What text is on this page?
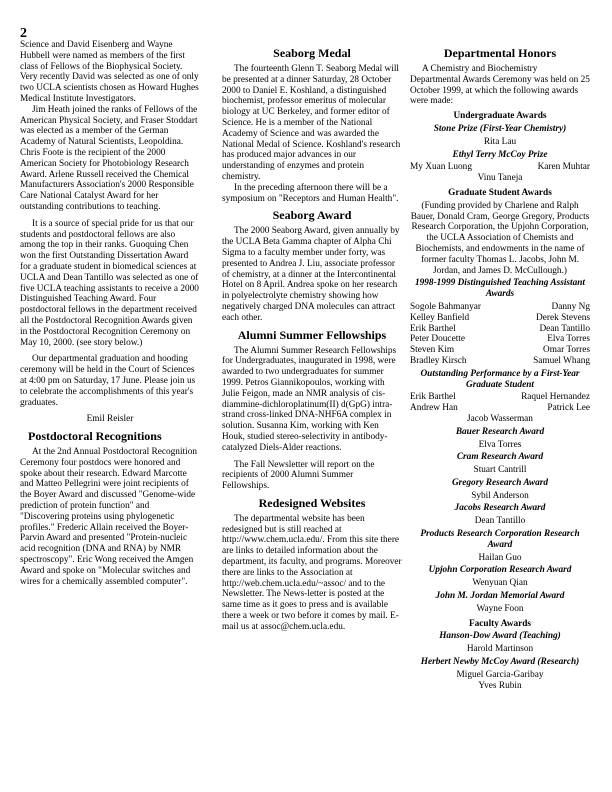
2

Science and David Eisenberg and Wayne Hubbell were named as members of the first class of Fellows of the Biophysical Society. Very recently David was selected as one of only two UCLA scientists chosen as Howard Hughes Medical Institute Investigators.

Jim Heath joined the ranks of Fellows of the American Physical Society, and Fraser Stoddart was elected as a member of the German Academy of Natural Scientists, Leopoldina. Chris Foote is the recipient of the 2000 American Society for Photobiology Research Award. Arlene Russell received the Chemical Manufacturers Association's 2000 Responsible Care National Catalyst Award for her outstanding contributions to teaching.

It is a source of special pride for us that our students and postdoctoral fellows are also among the top in their ranks. Guoquing Chen won the first Outstanding Dissertation Award for a graduate student in biomedical sciences at UCLA and Dean Tantillo was selected as one of five UCLA teaching assistants to receive a 2000 Distinguished Teaching Award. Four postdoctoral fellows in the department received all the Postdoctoral Recognition Awards given in the Postdoctoral Recognition Ceremony on May 10, 2000. (see story below.)

Our departmental graduation and hooding ceremony will be held in the Court of Sciences at 4:00 pm on Saturday, 17 June. Please join us to celebrate the accomplishments of this year's graduates.

Emil Reisler

Postdoctoral Recognitions

At the 2nd Annual Postdoctoral Recognition Ceremony four postdocs were honored and spoke about their research. Edward Marcotte and Matteo Pellegrini were joint recipients of the Boyer Award and discussed "Genome-wide prediction of protein function" and "Discovering proteins using phylogenetic profiles." Frederic Allain received the Boyer-Parvin Award and presented "Protein-nucleic acid recognition (DNA and RNA) by NMR spectroscopy". Eric Wong received the Amgen Award and spoke on "Molecular switches and wires for a chemically assembled computer".

Seaborg Medal

The fourteenth Glenn T. Seaborg Medal will be presented at a dinner Saturday, 28 October 2000 to Daniel E. Koshland, a distinguished biochemist, professor emeritus of molecular biology at UC Berkeley, and former editor of Science. He is a member of the National Academy of Science and was awarded the National Medal of Science. Koshland's research has produced major advances in our understanding of enzymes and protein chemistry.

In the preceding afternoon there will be a symposium on "Receptors and Human Health".

Seaborg Award

The 2000 Seaborg Award, given annually by the UCLA Beta Gamma chapter of Alpha Chi Sigma to a faculty member under forty, was presented to Andrea J. Liu, associate professor of chemistry, at a dinner at the Intercontinental Hotel on 8 April. Andrea spoke on her research in polyelectrolyte chemistry showing how negatively charged DNA molecules can attract each other.

Alumni Summer Fellowships

The Alumni Summer Research Fellowships for Undergraduates, inaugurated in 1998, were awarded to two undergraduates for summer 1999. Petros Giannikopoulos, working with Julie Feigon, made an NMR analysis of cis-diammine-dichloroplatinum(II) d(GpG) intra-strand cross-linked DNA-NHF6A complex in solution. Susanna Kim, working with Ken Houk, studied stereo-selectivity in antibody-catalyzed Diels-Alder reactions.

The Fall Newsletter will report on the recipients of 2000 Alumni Summer Fellowships.

Redesigned Websites

The departmental website has been redesigned but is still reached at http://www.chem.ucla.edu/. From this site there are links to detailed information about the department, its faculty, and programs. Moreover there are links to the Association at http://web.chem.ucla.edu/~assoc/ and to the Newsletter. The News-letter is posted at the same time as it goes to press and is available there a week or two before it comes by mail. E-mail us at assoc@chem.ucla.edu.

Departmental Honors

A Chemistry and Biochemistry Departmental Awards Ceremony was held on 25 October 1999, at which the following awards were made:

Undergraduate Awards
Stone Prize (First-Year Chemistry)
Rita Lau
Ethyl Terry McCoy Prize
My Xuan Luong	Karen Muhtar
Vinu Taneja
Graduate Student Awards

(Funding provided by Charlene and Ralph Bauer, Donald Cram, George Gregory, Products Research Corporation, the Upjohn Corporation, the UCLA Association of Chemists and Biochemists, and endowments in the name of former faculty Thomas L. Jacobs, John M. Jordan, and James D. McCullough.)

1998-1999 Distinguished Teaching Assistant Awards
Sogole Bahmanyar	Danny Ng
Kelley Banfield	Derek Stevens
Erik Barthel	Dean Tantillo
Peter Doucette	Elva Torres
Steven Kim	Omar Torres
Bradley Kirsch	Samuel Whang
Outstanding Performance by a First-Year Graduate Student
Erik Barthel	Raquel Hernandez
Andrew Han	Patrick Lee
Jacob Wasserman
Bauer Research Award
Elva Torres
Cram Research Award
Stuart Cantrill
Gregory Research Award
Sybil Anderson
Jacobs Research Award
Dean Tantillo
Products Research Corporation Research Award
Hailan Guo
Upjohn Corporation Research Award
Wenyuan Qian
John M. Jordan Memorial Award
Wayne Foon
Faculty Awards
Hanson-Dow Award (Teaching)
Harold Martinson
Herbert Newby McCoy Award (Research)
Miguel Garcia-Garibay
Yves Rubin
